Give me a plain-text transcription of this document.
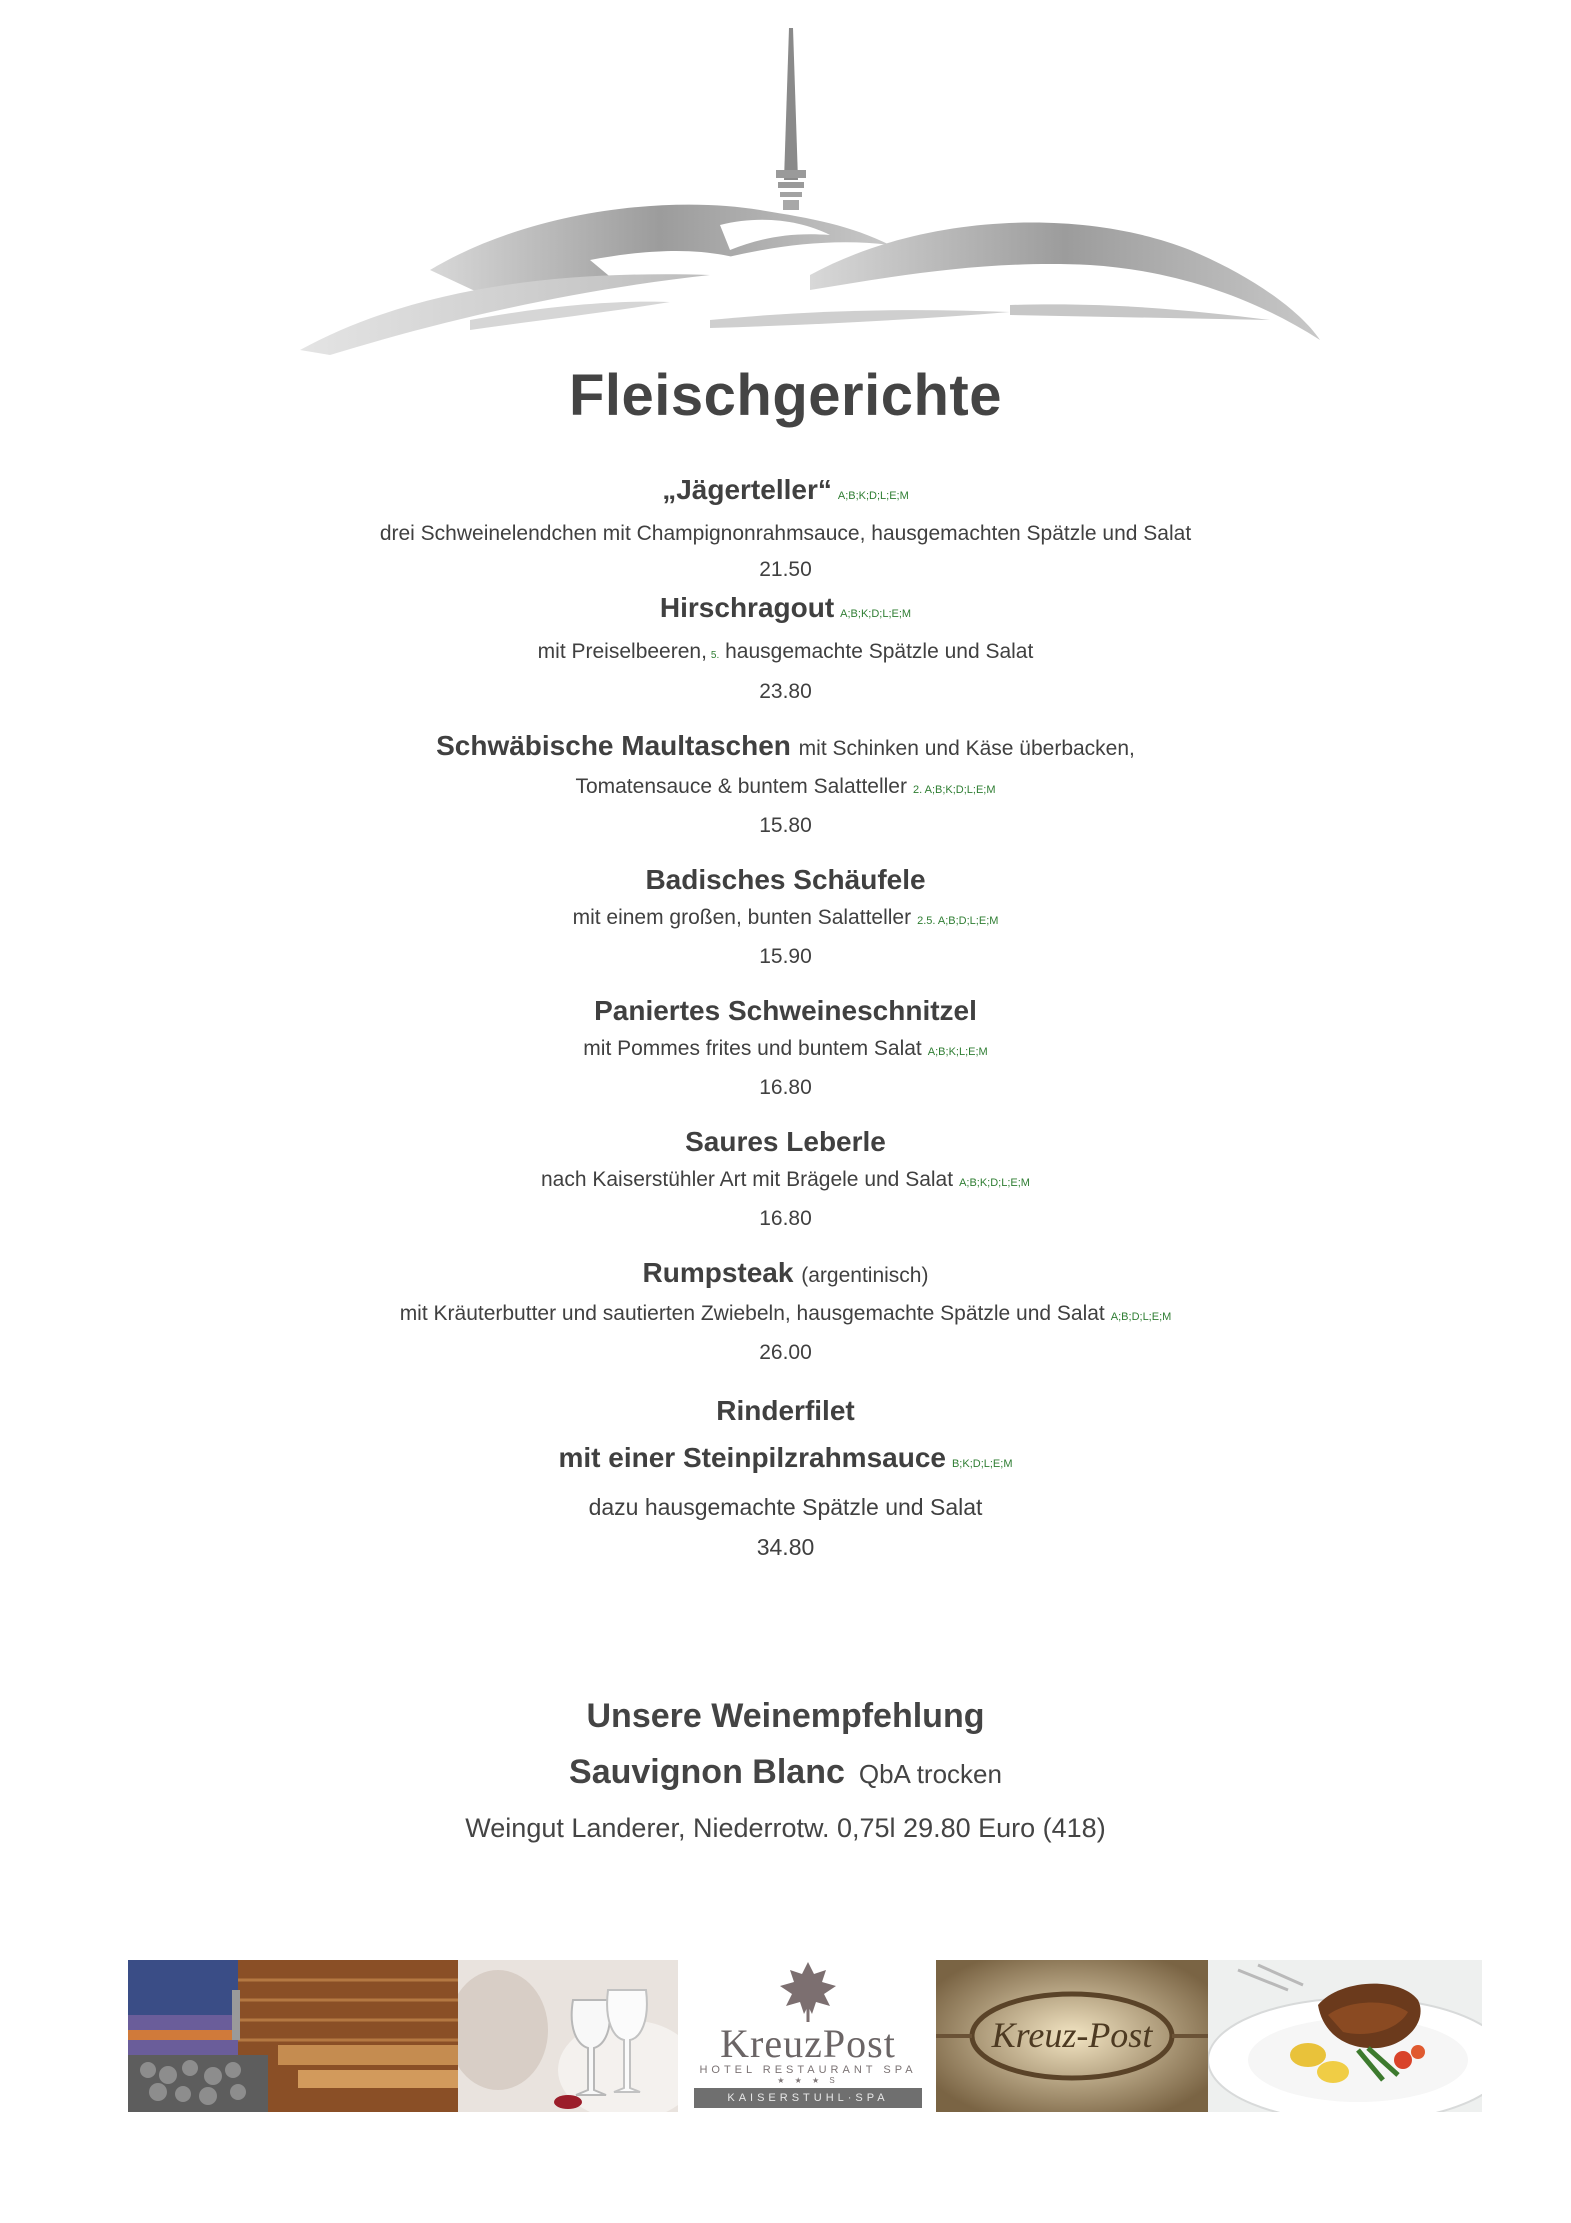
Fleischgerichte
„Jägerteller“ A;B;K;D;L;E;M
drei Schweinelendchen mit Champignonrahmsauce, hausgemachten Spätzle und Salat
21.50
Hirschragout A;B;K;D;L;E;M
mit Preiselbeeren, 5. hausgemachte Spätzle und Salat
23.80
Schwäbische Maultaschen mit Schinken und Käse überbacken,
Tomatensauce & buntem Salatteller 2. A;B;K;D;L;E;M
15.80
Badisches Schäufele
mit einem großen, bunten Salatteller 2.5. A;B;D;L;E;M
15.90
Paniertes Schweineschnitzel
mit Pommes frites und buntem Salat A;B;K;L;E;M
16.80
Saures Leberle
nach Kaiserstühler Art mit Brägele und Salat A;B;K;D;L;E;M
16.80
Rumpsteak (argentinisch)
mit Kräuterbutter und sautierten Zwiebeln, hausgemachte Spätzle und Salat A;B;D;L;E;M
26.00
Rinderfilet
mit einer Steinpilzrahmsauce B;K;D;L;E;M
dazu hausgemachte Spätzle und Salat
34.80
Unsere Weinempfehlung
Sauvignon Blanc QbA trocken
Weingut Landerer, Niederrotw. 0,75l 29.80 Euro (418)
KreuzPost
HOTEL RESTAURANT SPA
★ ★ ★ S
KAISERSTUHL·SPA
Kreuz-Post
